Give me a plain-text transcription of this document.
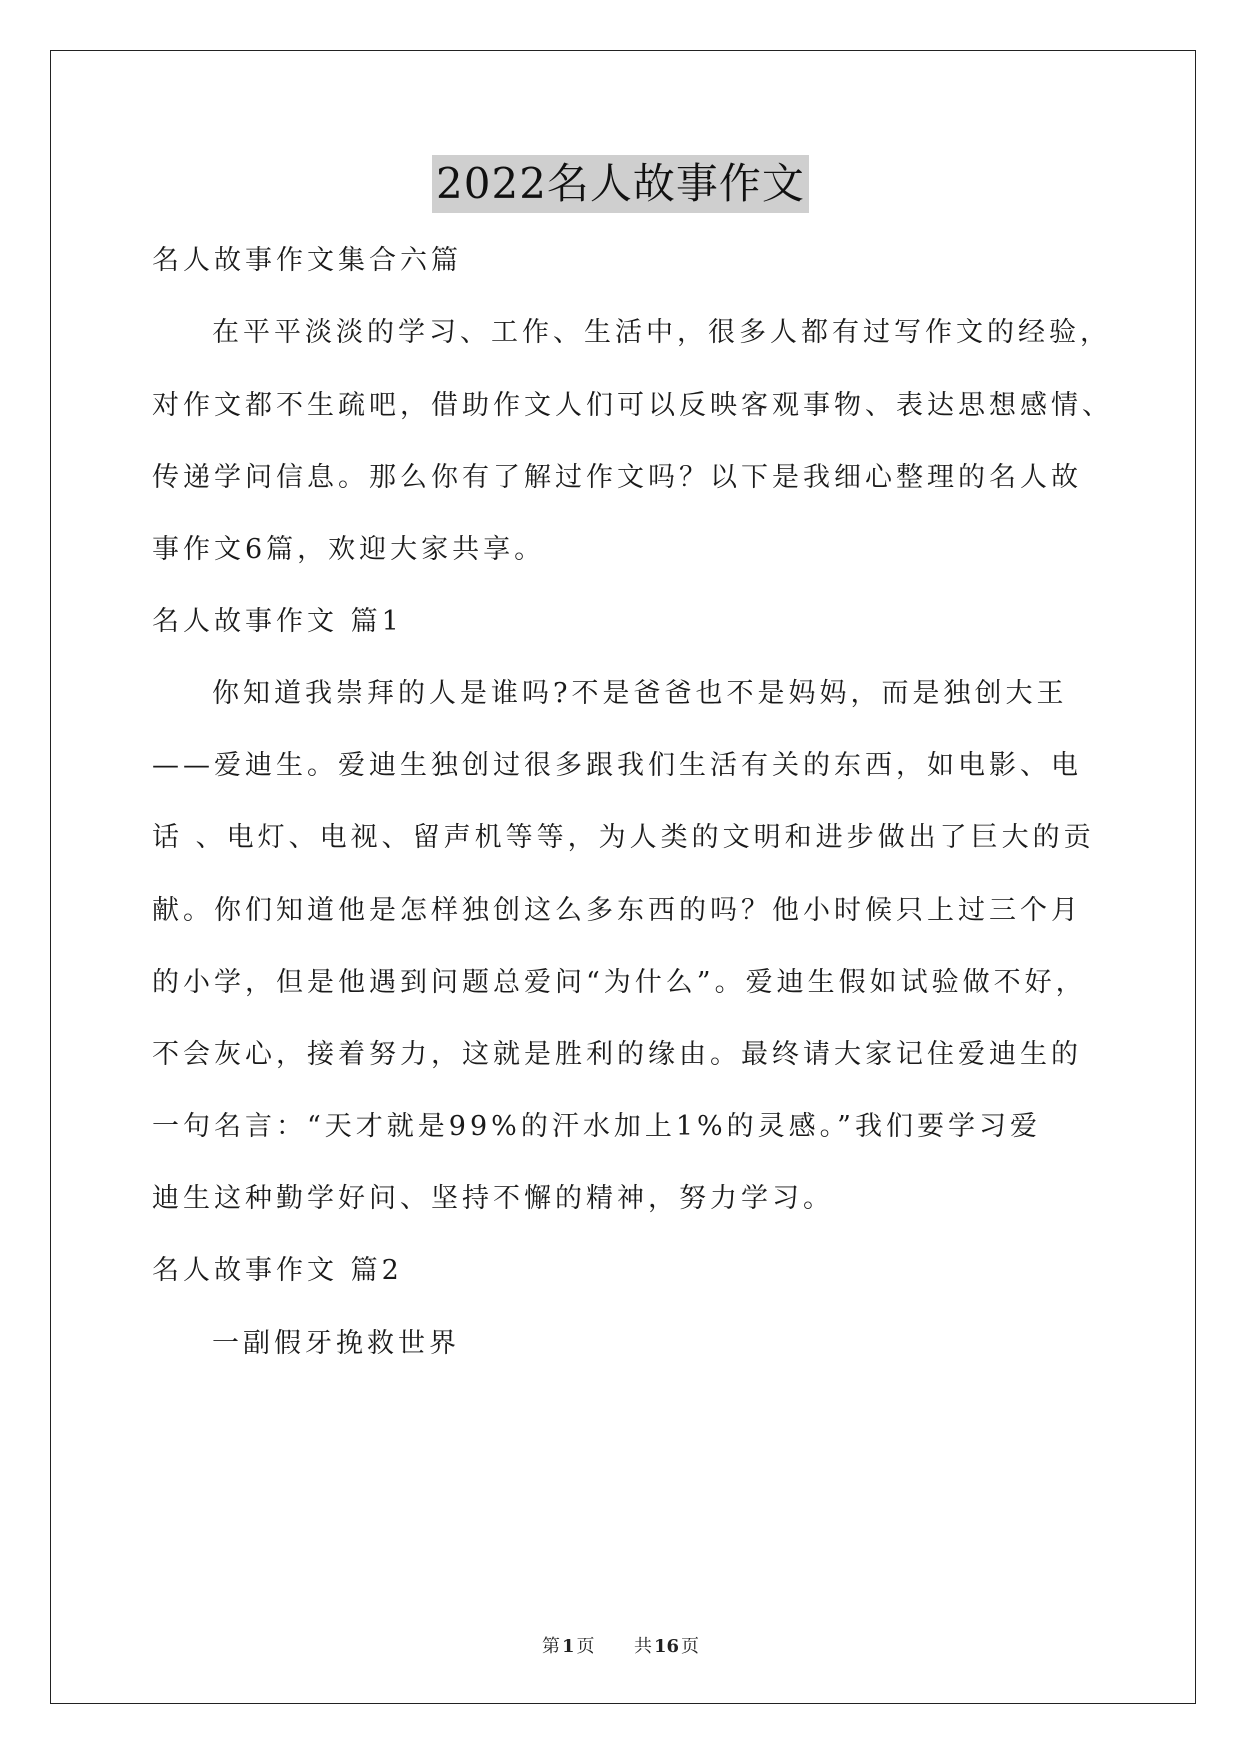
2022名人故事作文
名人故事作文集合六篇
在平平淡淡的学习、工作、生活中，很多人都有过写作文的经验，
对作文都不生疏吧，借助作文人们可以反映客观事物、表达思想感情、
传递学问信息。那么你有了解过作文吗？以下是我细心整理的名人故
事作文6篇，欢迎大家共享。
名人故事作文 篇1
你知道我崇拜的人是谁吗?不是爸爸也不是妈妈，而是独创大王
——爱迪生。爱迪生独创过很多跟我们生活有关的东西，如电影、电
话 、电灯、电视、留声机等等，为人类的文明和进步做出了巨大的贡
献。你们知道他是怎样独创这么多东西的吗？他小时候只上过三个月
的小学，但是他遇到问题总爱问“为什么”。爱迪生假如试验做不好，
不会灰心，接着努力，这就是胜利的缘由。最终请大家记住爱迪生的
一句名言：“天才就是99%的汗水加上1%的灵感。”我们要学习爱
迪生这种勤学好问、坚持不懈的精神，努力学习。
名人故事作文 篇2
一副假牙挽救世界
第 1 页 共 16 页
